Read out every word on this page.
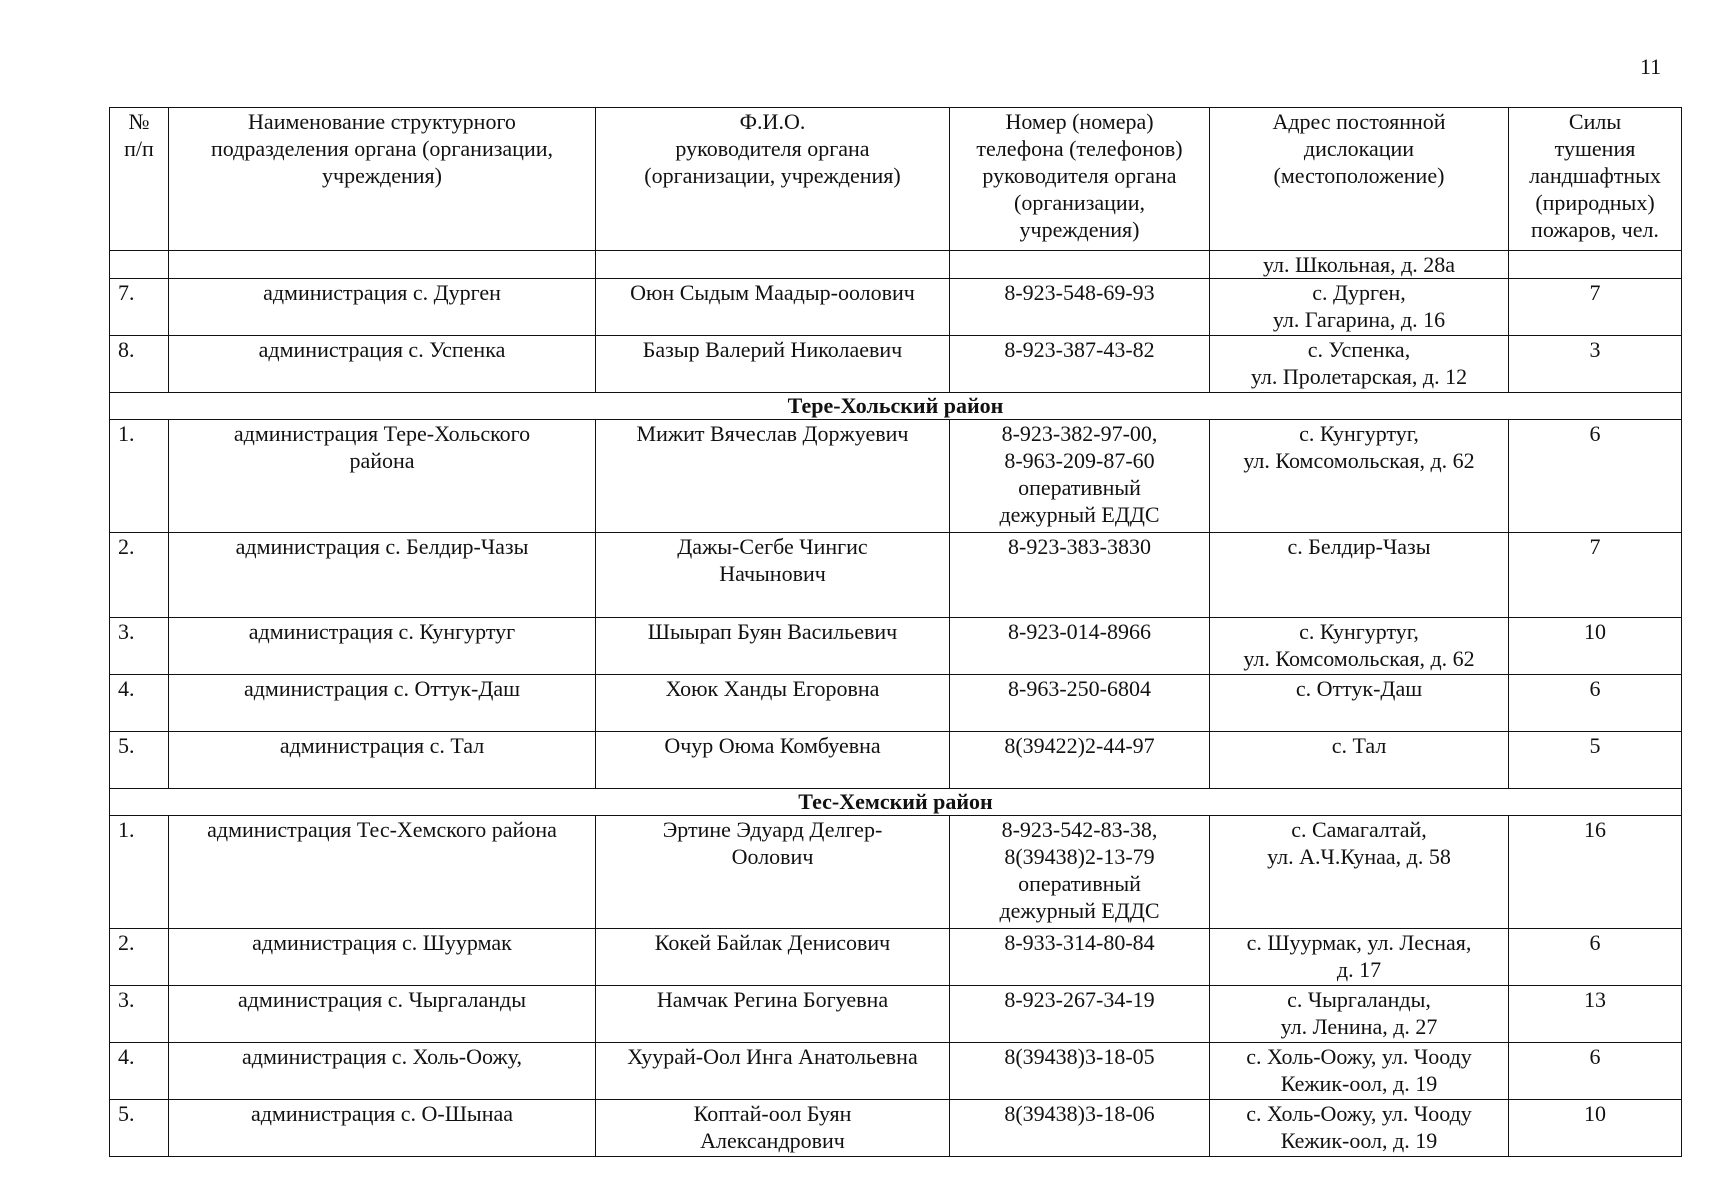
11
№
п/п	Наименование структурного
подразделения органа (организации,
учреждения)	Ф.И.О.
руководителя органа
(организации, учреждения)	Номер (номера)
телефона (телефонов)
руководителя органа
(организации,
учреждения)	Адрес постоянной
дислокации
(местоположение)	Силы
тушения
ландшафтных
(природных)
пожаров, чел.
				ул. Школьная, д. 28а	
7.	администрация с. Дурген	Оюн Сыдым Маадыр-оолович	8-923-548-69-93	с. Дурген,
ул. Гагарина, д. 16	7
8.	администрация с. Успенка	Базыр Валерий Николаевич	8-923-387-43-82	с. Успенка,
ул. Пролетарская, д. 12	3
Тере-Хольский район					
1.	администрация Тере-Хольского
района	Мижит Вячеслав Доржуевич	8-923-382-97-00,
8-963-209-87-60
оперативный
дежурный ЕДДС	с. Кунгуртуг,
ул. Комсомольская, д. 62	6
2.	администрация с. Белдир-Чазы	Дажы-Сегбе Чингис
Начынович	8-923-383-3830	с. Белдир-Чазы	7
3.	администрация с. Кунгуртуг	Шыырап Буян Васильевич	8-923-014-8966	с. Кунгуртуг,
ул. Комсомольская, д. 62	10
4.	администрация с. Оттук-Даш	Хоюк Ханды Егоровна	8-963-250-6804	с. Оттук-Даш	6
5.	администрация с. Тал	Очур Оюма Комбуевна	8(39422)2-44-97	с. Тал	5
Тес-Хемский район					
1.	администрация Тес-Хемского района	Эртине Эдуард Делгер-
Оолович	8-923-542-83-38,
8(39438)2-13-79
оперативный
дежурный ЕДДС	с. Самагалтай,
ул. А.Ч.Кунаа, д. 58	16
2.	администрация с. Шуурмак	Кокей Байлак Денисович	8-933-314-80-84	с. Шуурмак, ул. Лесная,
д. 17	6
3.	администрация с. Чыргаланды	Намчак Регина Богуевна	8-923-267-34-19	с. Чыргаланды,
ул. Ленина, д. 27	13
4.	администрация с. Холь-Оожу,	Хуурай-Оол Инга Анатольевна	8(39438)3-18-05	с. Холь-Оожу, ул. Чооду
Кежик-оол, д. 19	6
5.	администрация с. О-Шынаа	Коптай-оол Буян
Александрович	8(39438)3-18-06	с. Холь-Оожу, ул. Чооду
Кежик-оол, д. 19	10
